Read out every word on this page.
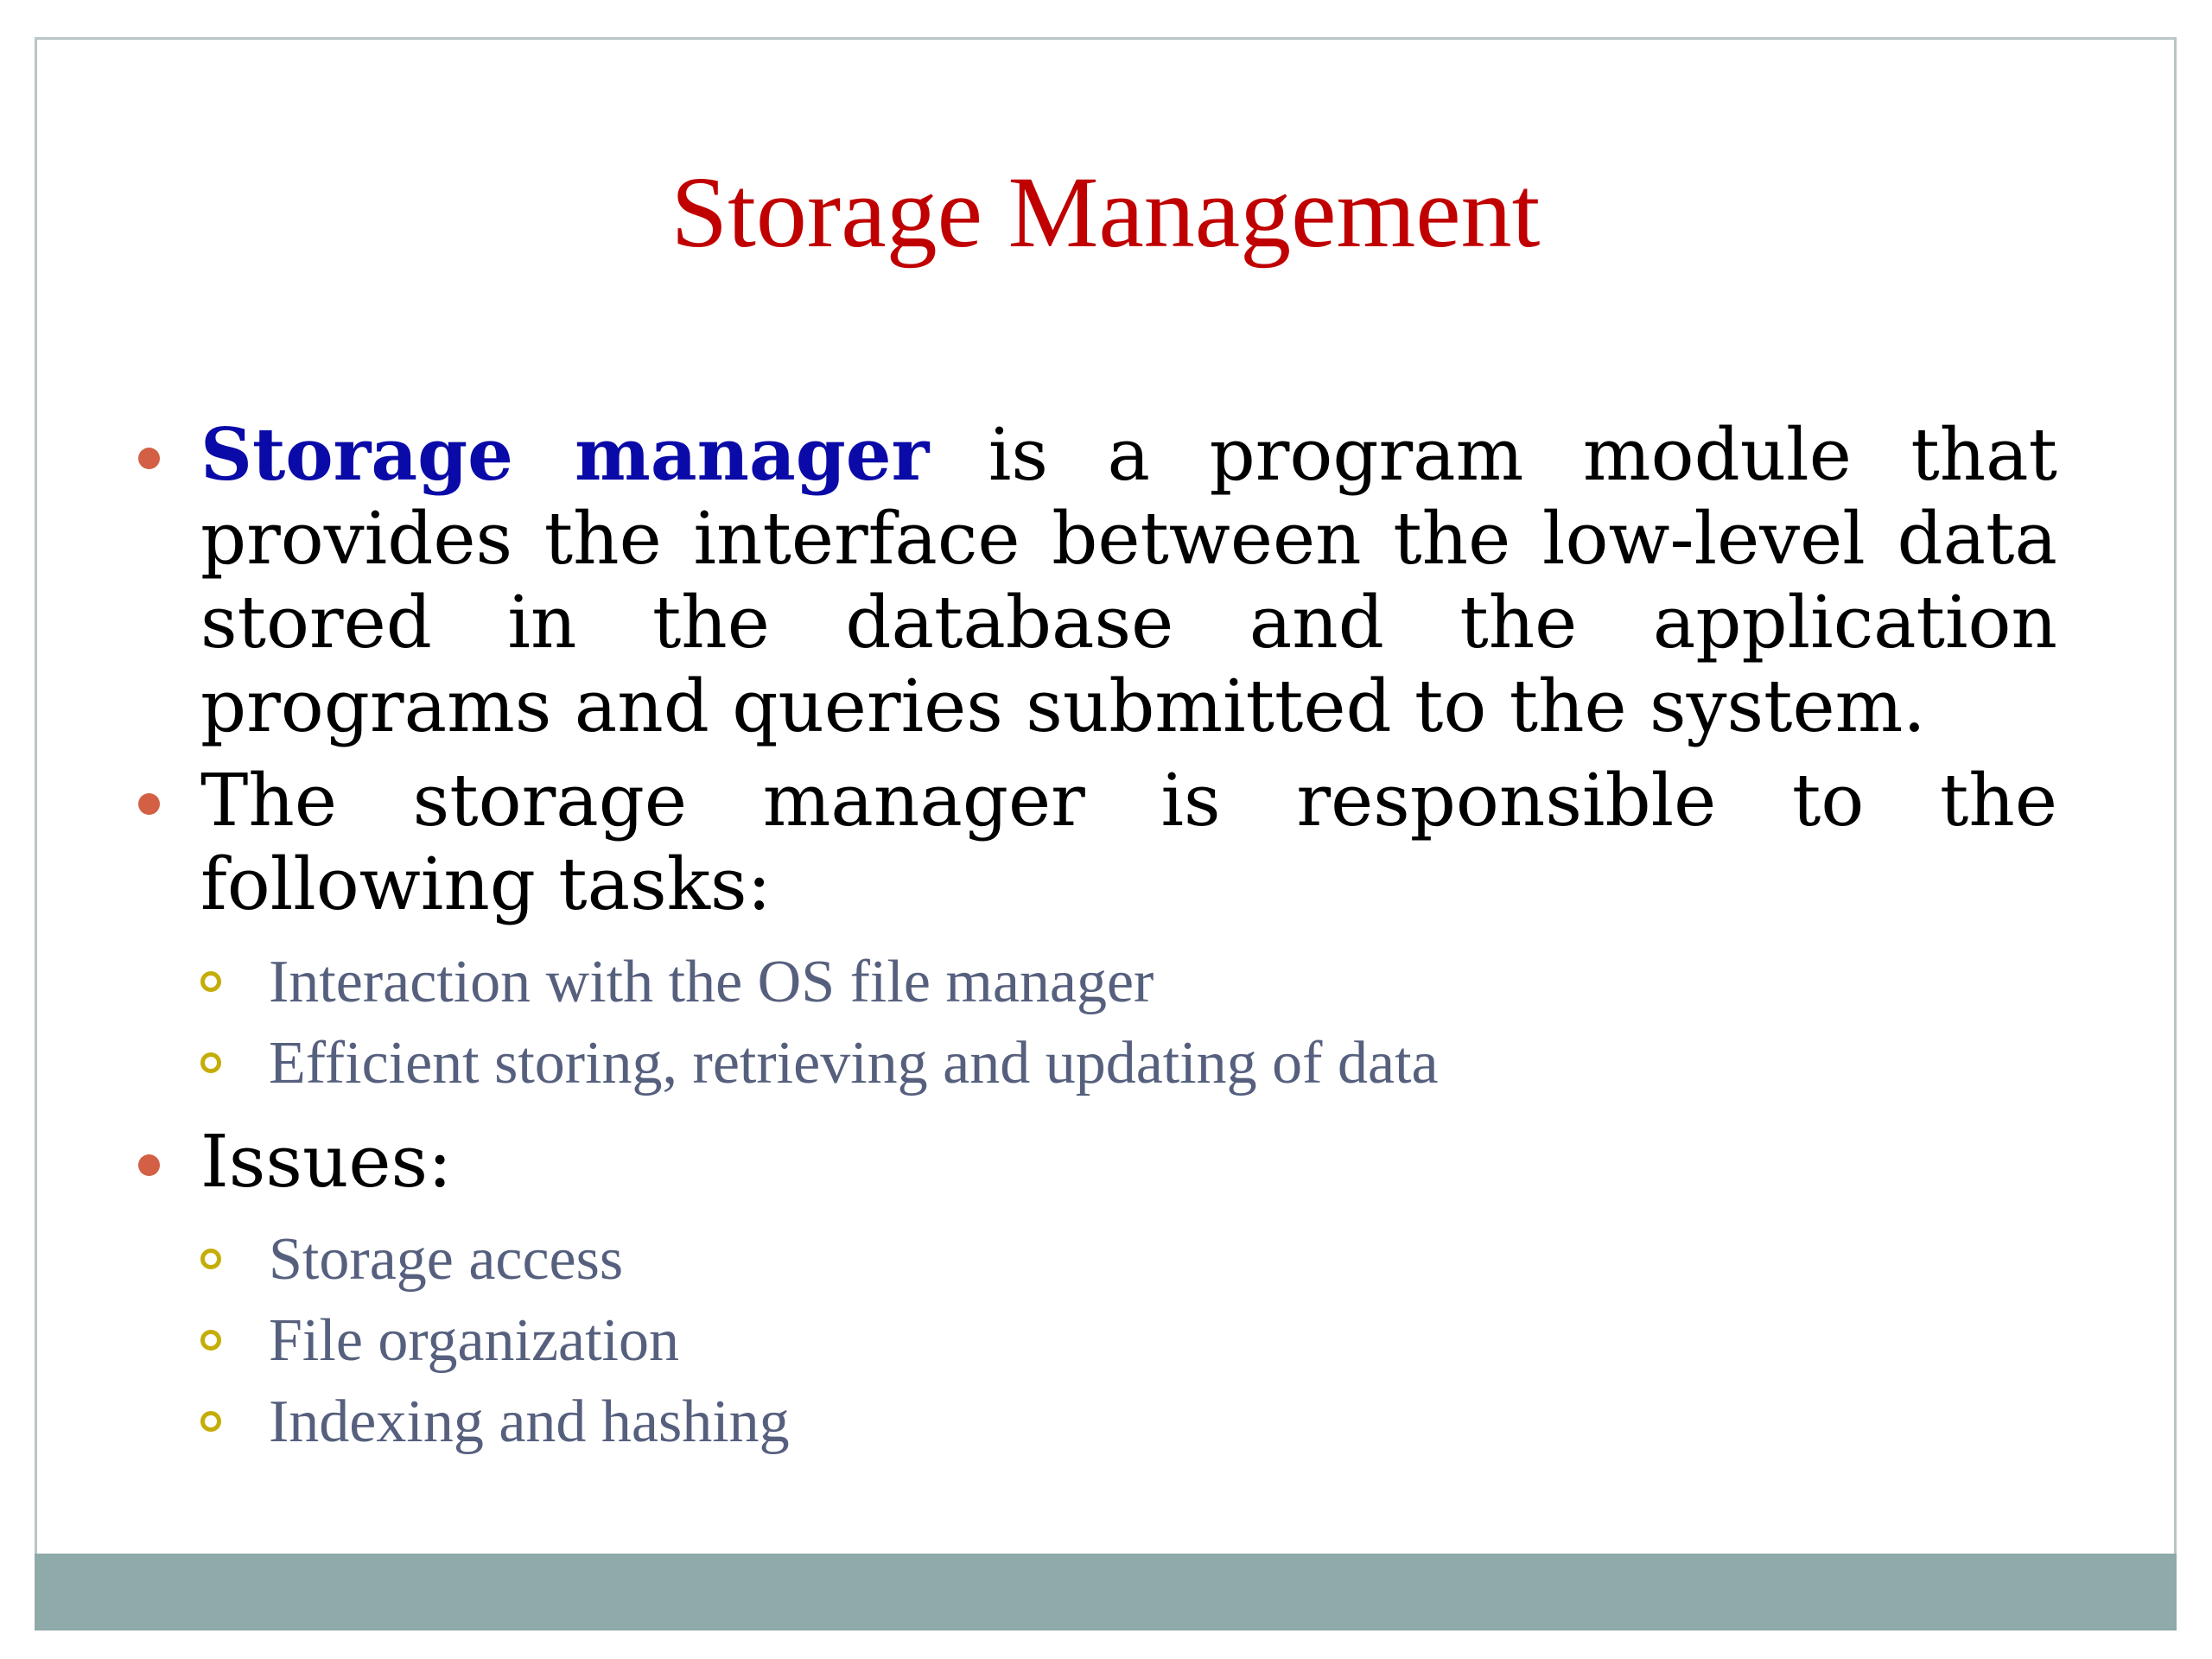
Storage Management
Storage manager is a program module that provides the interface between the low-level data stored in the database and the application programs and queries submitted to the system.
The storage manager is responsible to the following tasks:
Interaction with the OS file manager
Efficient storing, retrieving and updating of data
Issues:
Storage access
File organization
Indexing and hashing
